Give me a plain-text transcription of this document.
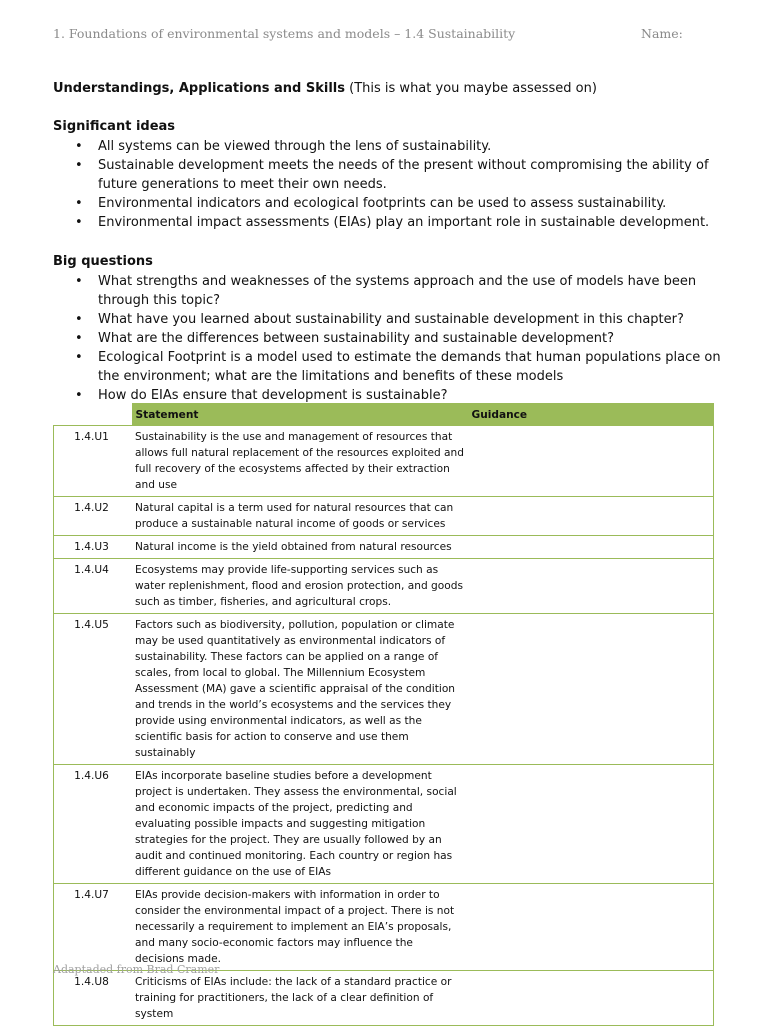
1. Foundations of environmental systems and models – 1.4 Sustainability	Name:
Understandings, Applications and Skills (This is what you maybe assessed on)
Significant ideas
• All systems can be viewed through the lens of sustainability.
• Sustainable development meets the needs of the present without compromising the ability of future generations to meet their own needs.
• Environmental indicators and ecological footprints can be used to assess sustainability.
• Environmental impact assessments (EIAs) play an important role in sustainable development.
Big questions
• What strengths and weaknesses of the systems approach and the use of models have been through this topic?
• What have you learned about sustainability and sustainable development in this chapter?
• What are the differences between sustainability and sustainable development?
• Ecological Footprint is a model used to estimate the demands that human populations place on the environment; what are the limitations and benefits of these models
• How do EIAs ensure that development is sustainable?
	Statement	Guidance
1.4.U1	Sustainability is the use and management of resources that allows full natural replacement of the resources exploited and full recovery of the ecosystems affected by their extraction and use	
1.4.U2	Natural capital is a term used for natural resources that can produce a sustainable natural income of goods or services	
1.4.U3	Natural income is the yield obtained from natural resources	
1.4.U4	Ecosystems may provide life-supporting services such as water replenishment, flood and erosion protection, and goods such as timber, fisheries, and agricultural crops.	
1.4.U5	Factors such as biodiversity, pollution, population or climate may be used quantitatively as environmental indicators of sustainability. These factors can be applied on a range of scales, from local to global. The Millennium Ecosystem Assessment (MA) gave a scientific appraisal of the condition and trends in the world’s ecosystems and the services they provide using environmental indicators, as well as the scientific basis for action to conserve and use them sustainably	
1.4.U6	EIAs incorporate baseline studies before a development project is undertaken. They assess the environmental, social and economic impacts of the project, predicting and evaluating possible impacts and suggesting mitigation strategies for the project. They are usually followed by an audit and continued monitoring. Each country or region has different guidance on the use of EIAs	
1.4.U7	EIAs provide decision-makers with information in order to consider the environmental impact of a project. There is not necessarily a requirement to implement an EIA’s proposals, and many socio-economic factors may influence the decisions made.	
1.4.U8	Criticisms of EIAs include: the lack of a standard practice or training for practitioners, the lack of a clear definition of system	
Adaptaded from Brad Cramer
